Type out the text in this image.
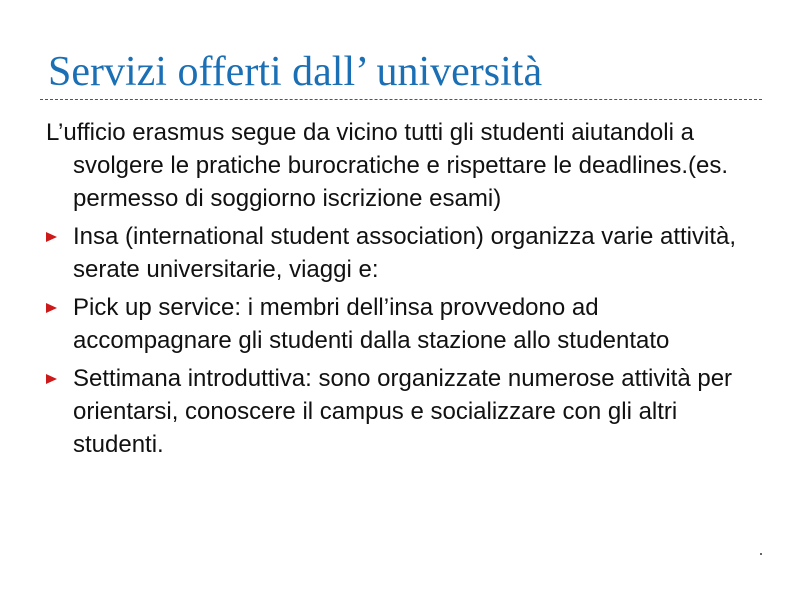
Servizi offerti dall’ università
L’ufficio erasmus segue da vicino tutti gli studenti aiutandoli a svolgere le pratiche burocratiche e rispettare le deadlines.(es. permesso di soggiorno iscrizione esami)
Insa (international student association) organizza varie attività, serate universitarie, viaggi e:
Pick up service: i membri dell’insa provvedono ad accompagnare gli studenti dalla stazione allo studentato
Settimana introduttiva: sono organizzate numerose attività per orientarsi, conoscere il campus e socializzare con gli altri studenti.
